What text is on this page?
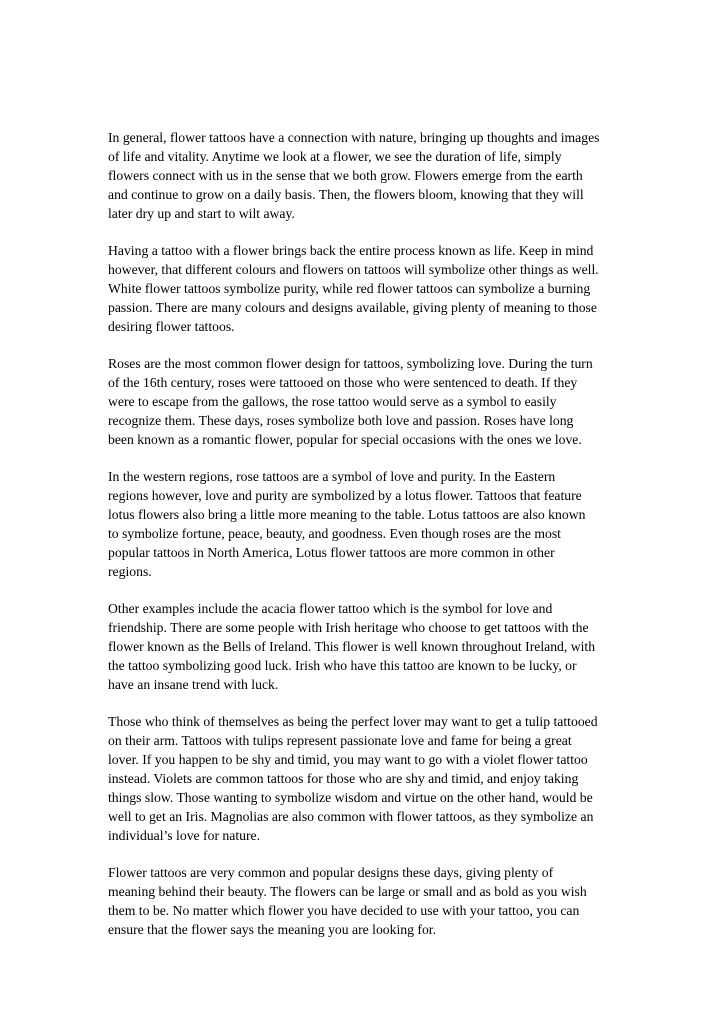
In general, flower tattoos have a connection with nature, bringing up thoughts and images
of life and vitality. Anytime we look at a flower, we see the duration of life, simply
flowers connect with us in the sense that we both grow. Flowers emerge from the earth
and continue to grow on a daily basis. Then, the flowers bloom, knowing that they will
later dry up and start to wilt away.

Having a tattoo with a flower brings back the entire process known as life. Keep in mind
however, that different colours and flowers on tattoos will symbolize other things as well.
White flower tattoos symbolize purity, while red flower tattoos can symbolize a burning
passion. There are many colours and designs available, giving plenty of meaning to those
desiring flower tattoos.

Roses are the most common flower design for tattoos, symbolizing love. During the turn
of the 16th century, roses were tattooed on those who were sentenced to death. If they
were to escape from the gallows, the rose tattoo would serve as a symbol to easily
recognize them. These days, roses symbolize both love and passion. Roses have long
been known as a romantic flower, popular for special occasions with the ones we love.

In the western regions, rose tattoos are a symbol of love and purity. In the Eastern
regions however, love and purity are symbolized by a lotus flower. Tattoos that feature
lotus flowers also bring a little more meaning to the table. Lotus tattoos are also known
to symbolize fortune, peace, beauty, and goodness. Even though roses are the most
popular tattoos in North America, Lotus flower tattoos are more common in other
regions.

Other examples include the acacia flower tattoo which is the symbol for love and
friendship. There are some people with Irish heritage who choose to get tattoos with the
flower known as the Bells of Ireland. This flower is well known throughout Ireland, with
the tattoo symbolizing good luck. Irish who have this tattoo are known to be lucky, or
have an insane trend with luck.

Those who think of themselves as being the perfect lover may want to get a tulip tattooed
on their arm. Tattoos with tulips represent passionate love and fame for being a great
lover. If you happen to be shy and timid, you may want to go with a violet flower tattoo
instead. Violets are common tattoos for those who are shy and timid, and enjoy taking
things slow. Those wanting to symbolize wisdom and virtue on the other hand, would be
well to get an Iris. Magnolias are also common with flower tattoos, as they symbolize an
individual’s love for nature.

Flower tattoos are very common and popular designs these days, giving plenty of
meaning behind their beauty. The flowers can be large or small and as bold as you wish
them to be. No matter which flower you have decided to use with your tattoo, you can
ensure that the flower says the meaning you are looking for.
